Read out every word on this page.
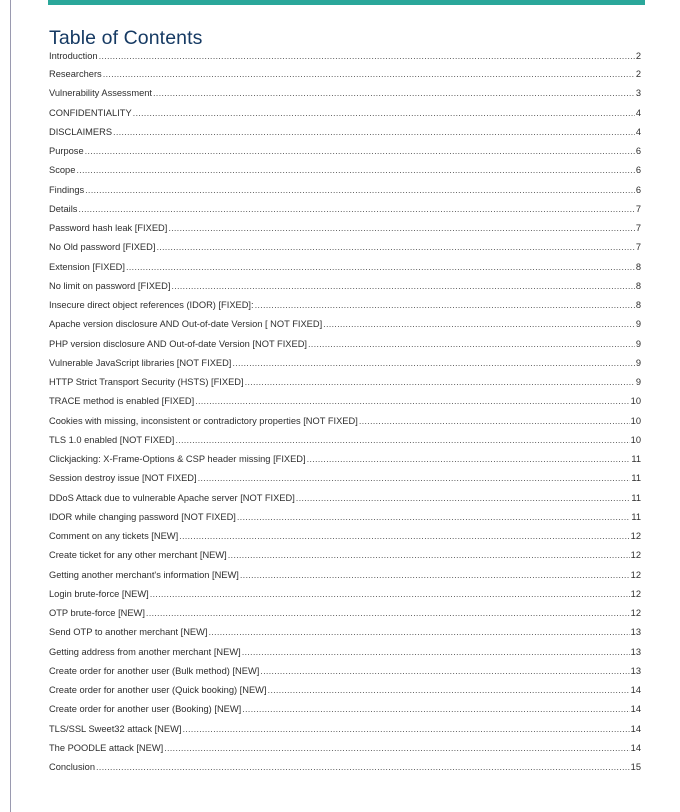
Table of Contents
Introduction .....	2
Researchers .....	2
Vulnerability Assessment .....	3
CONFIDENTIALITY .....	4
DISCLAIMERS .....	4
Purpose .....	6
Scope .....	6
Findings .....	6
Details .....	7
Password hash leak [FIXED] .....	7
No Old password [FIXED] .....	7
Extension [FIXED] .....	8
No limit on password [FIXED] .....	8
Insecure direct object references (IDOR) [FIXED]: .....	8
Apache version disclosure AND Out-of-date Version [ NOT FIXED] .....	9
PHP version disclosure AND Out-of-date Version [NOT FIXED] .....	9
Vulnerable JavaScript libraries [NOT FIXED] .....	9
HTTP Strict Transport Security (HSTS) [FIXED] .....	9
TRACE method is enabled [FIXED] .....	10
Cookies with missing, inconsistent or contradictory properties [NOT FIXED] .....	10
TLS 1.0 enabled [NOT FIXED] .....	10
Clickjacking: X-Frame-Options & CSP header missing [FIXED] .....	11
Session destroy issue [NOT FIXED] .....	11
DDoS Attack due to vulnerable Apache server [NOT FIXED] .....	11
IDOR while changing password [NOT FIXED] .....	11
Comment on any tickets [NEW] .....	12
Create ticket for any other merchant [NEW] .....	12
Getting another merchant's information [NEW] .....	12
Login brute-force [NEW] .....	12
OTP brute-force [NEW] .....	12
Send OTP to another merchant [NEW] .....	13
Getting address from another merchant [NEW] .....	13
Create order for another user (Bulk method) [NEW] .....	13
Create order for another user (Quick booking) [NEW] .....	14
Create order for another user (Booking) [NEW] .....	14
TLS/SSL Sweet32 attack [NEW] .....	14
The POODLE attack [NEW] .....	14
Conclusion .....	15
